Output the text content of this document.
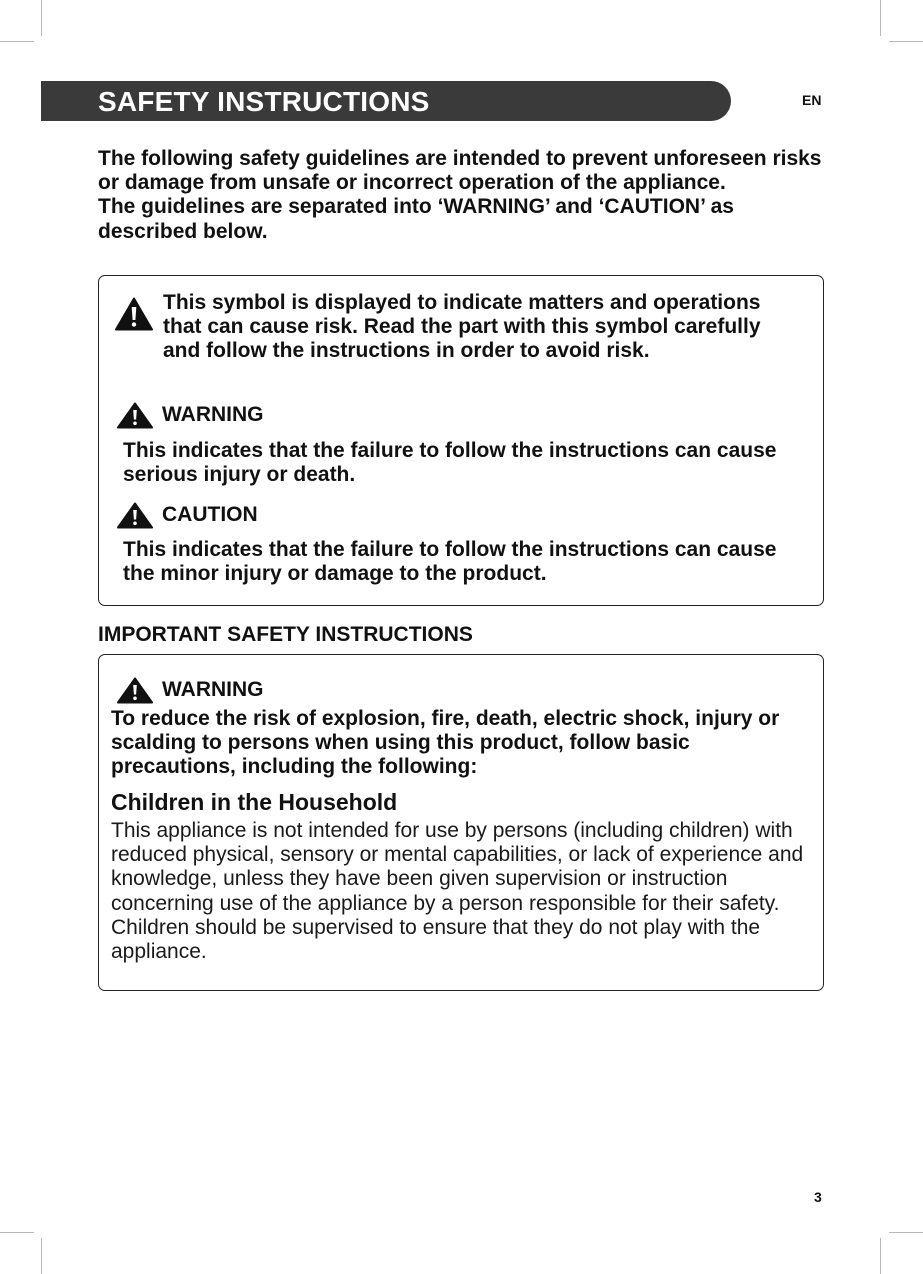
SAFETY INSTRUCTIONS	EN

The following safety guidelines are intended to prevent unforeseen risks or damage from unsafe or incorrect operation of the appliance.

The guidelines are separated into ‘WARNING’ and ‘CAUTION’ as described below.

This symbol is displayed to indicate matters and operations that can cause risk. Read the part with this symbol carefully and follow the instructions in order to avoid risk.

WARNING

This indicates that the failure to follow the instructions can cause serious injury or death.

CAUTION

This indicates that the failure to follow the instructions can cause the minor injury or damage to the product.

IMPORTANT SAFETY INSTRUCTIONS
WARNING

To reduce the risk of explosion, fire, death, electric shock, injury or scalding to persons when using this product, follow basic precautions, including the following:

Children in the Household

This appliance is not intended for use by persons (including children) with reduced physical, sensory or mental capabilities, or lack of experience and knowledge, unless they have been given supervision or instruction concerning use of the appliance by a person responsible for their safety. Children should be supervised to ensure that they do not play with the appliance.

3
